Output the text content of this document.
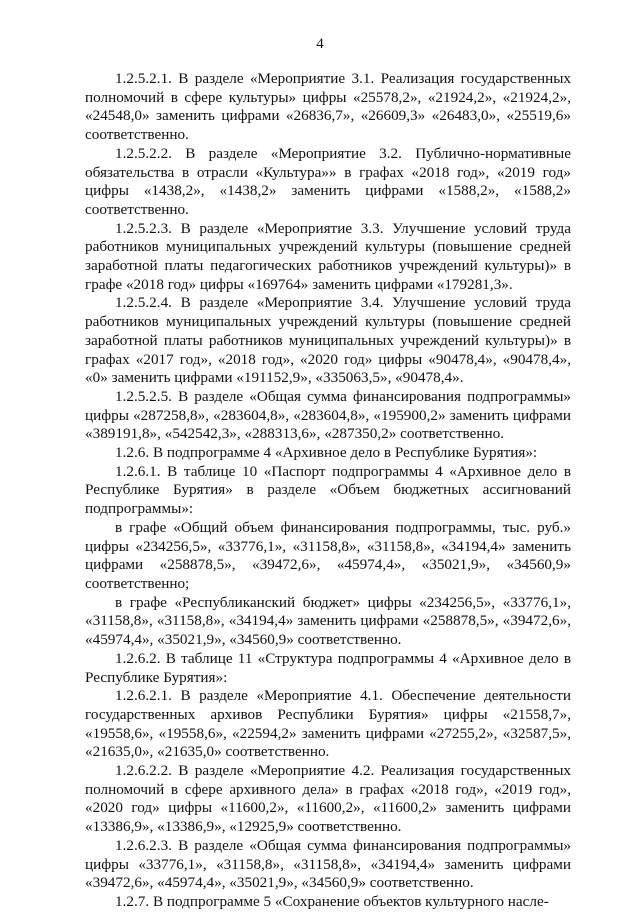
4

1.2.5.2.1. В разделе «Мероприятие 3.1. Реализация государственных полномочий в сфере культуры» цифры «25578,2», «21924,2», «21924,2», «24548,0» заменить цифрами «26836,7», «26609,3» «26483,0», «25519,6» соответственно.

1.2.5.2.2. В разделе «Мероприятие 3.2. Публично-нормативные обязательства в отрасли «Культура»» в графах «2018 год», «2019 год» цифры «1438,2», «1438,2» заменить цифрами «1588,2», «1588,2» соответственно.

1.2.5.2.3. В разделе «Мероприятие 3.3. Улучшение условий труда работников муниципальных учреждений культуры (повышение средней заработной платы педагогических работников учреждений культуры)» в графе «2018 год» цифры «169764» заменить цифрами «179281,3».

1.2.5.2.4. В разделе «Мероприятие 3.4. Улучшение условий труда работников муниципальных учреждений культуры (повышение средней заработной платы работников муниципальных учреждений культуры)» в графах «2017 год», «2018 год», «2020 год» цифры «90478,4», «90478,4», «0» заменить цифрами «191152,9», «335063,5», «90478,4».

1.2.5.2.5. В разделе «Общая сумма финансирования подпрограммы» цифры «287258,8», «283604,8», «283604,8», «195900,2» заменить цифрами «389191,8», «542542,3», «288313,6», «287350,2» соответственно.

1.2.6. В подпрограмме 4 «Архивное дело в Республике Бурятия»:

1.2.6.1. В таблице 10 «Паспорт подпрограммы 4 «Архивное дело в Республике Бурятия» в разделе «Объем бюджетных ассигнований подпрограммы»:

в графе «Общий объем финансирования подпрограммы, тыс. руб.» цифры «234256,5», «33776,1», «31158,8», «31158,8», «34194,4» заменить цифрами «258878,5», «39472,6», «45974,4», «35021,9», «34560,9» соответственно;

в графе «Республиканский бюджет» цифры «234256,5», «33776,1», «31158,8», «31158,8», «34194,4» заменить цифрами «258878,5», «39472,6», «45974,4», «35021,9», «34560,9» соответственно.

1.2.6.2. В таблице 11 «Структура подпрограммы 4 «Архивное дело в Республике Бурятия»:

1.2.6.2.1. В разделе «Мероприятие 4.1. Обеспечение деятельности государственных архивов Республики Бурятия» цифры «21558,7», «19558,6», «19558,6», «22594,2» заменить цифрами «27255,2», «32587,5», «21635,0», «21635,0» соответственно.

1.2.6.2.2. В разделе «Мероприятие 4.2. Реализация государственных полномочий в сфере архивного дела» в графах «2018 год», «2019 год», «2020 год» цифры «11600,2», «11600,2», «11600,2» заменить цифрами «13386,9», «13386,9», «12925,9» соответственно.

1.2.6.2.3. В разделе «Общая сумма финансирования подпрограммы» цифры «33776,1», «31158,8», «31158,8», «34194,4» заменить цифрами «39472,6», «45974,4», «35021,9», «34560,9» соответственно.

1.2.7. В подпрограмме 5 «Сохранение объектов культурного насле-
